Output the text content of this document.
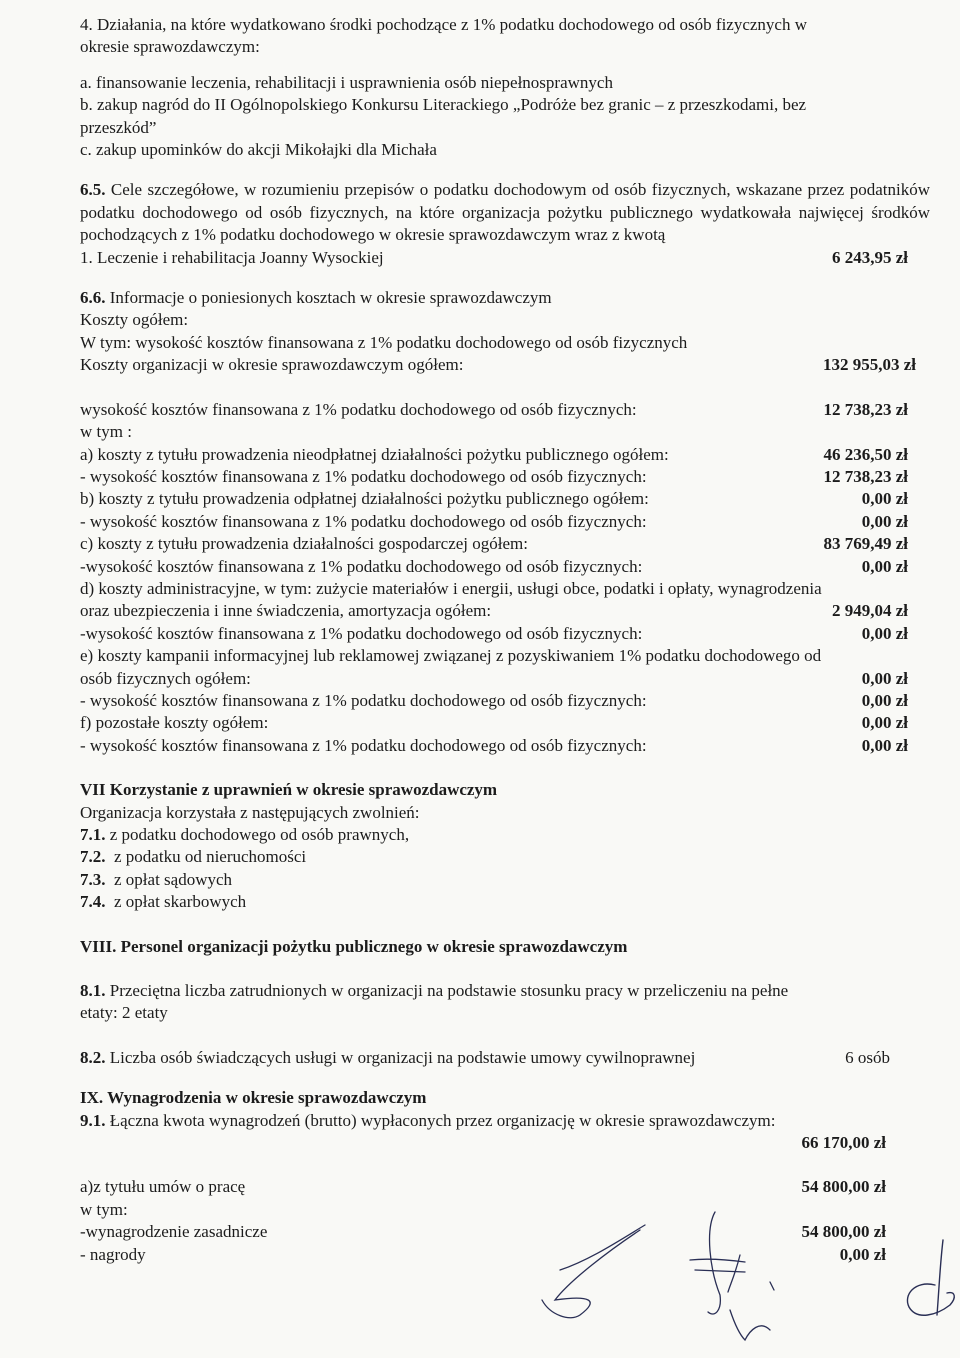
4. Działania, na które wydatkowano środki pochodzące z 1% podatku dochodowego od osób fizycznych w
okresie sprawozdawczym:
a. finansowanie leczenia, rehabilitacji i usprawnienia osób niepełnosprawnych
b. zakup nagród do II Ogólnopolskiego Konkursu Literackiego „Podróże bez granic – z przeszkodami, bez
przeszkód”
c. zakup upominków do akcji Mikołajki dla Michała
6.5. Cele szczegółowe, w rozumieniu przepisów o podatku dochodowym od osób fizycznych, wskazane przez podatników podatku dochodowego od osób fizycznych, na które organizacja pożytku publicznego wydatkowała najwięcej środków pochodzących z 1% podatku dochodowego w okresie sprawozdawczym wraz z kwotą
1. Leczenie i rehabilitacja Joanny Wysockiej	6 243,95 zł
6.6. Informacje o poniesionych kosztach w okresie sprawozdawczym
Koszty ogółem:
W tym: wysokość kosztów finansowana z 1% podatku dochodowego od osób fizycznych
Koszty organizacji w okresie sprawozdawczym ogółem:	132 955,03 zł
wysokość kosztów finansowana z 1% podatku dochodowego od osób fizycznych:	12 738,23 zł
w tym :
a) koszty z tytułu prowadzenia nieodpłatnej działalności pożytku publicznego ogółem:	46 236,50 zł
- wysokość kosztów finansowana z 1% podatku dochodowego od osób fizycznych:	12 738,23 zł
b) koszty z tytułu prowadzenia odpłatnej działalności pożytku publicznego ogółem:	0,00 zł
- wysokość kosztów finansowana z 1% podatku dochodowego od osób fizycznych:	0,00 zł
c) koszty z tytułu prowadzenia działalności gospodarczej ogółem:	83 769,49 zł
-wysokość kosztów finansowana z 1% podatku dochodowego od osób fizycznych:	0,00 zł
d) koszty administracyjne, w tym: zużycie materiałów i energii, usługi obce, podatki i opłaty, wynagrodzenia
oraz ubezpieczenia i inne świadczenia, amortyzacja ogółem:	2 949,04 zł
-wysokość kosztów finansowana z 1% podatku dochodowego od osób fizycznych:	0,00 zł
e) koszty kampanii informacyjnej lub reklamowej związanej z pozyskiwaniem 1% podatku dochodowego od
osób fizycznych ogółem:	0,00 zł
- wysokość kosztów finansowana z 1% podatku dochodowego od osób fizycznych:	0,00 zł
f) pozostałe koszty ogółem:	0,00 zł
- wysokość kosztów finansowana z 1% podatku dochodowego od osób fizycznych:	0,00 zł
VII Korzystanie z uprawnień w okresie sprawozdawczym
Organizacja korzystała z następujących zwolnień:
7.1. z podatku dochodowego od osób prawnych,
7.2.  z podatku od nieruchomości
7.3.  z opłat sądowych
7.4.  z opłat skarbowych
VIII. Personel organizacji pożytku publicznego w okresie sprawozdawczym
8.1. Przeciętna liczba zatrudnionych w organizacji na podstawie stosunku pracy w przeliczeniu na pełne
etaty: 2 etaty
8.2. Liczba osób świadczących usługi w organizacji na podstawie umowy cywilnoprawnej	6 osób
IX. Wynagrodzenia w okresie sprawozdawczym
9.1. Łączna kwota wynagrodzeń (brutto) wypłaconych przez organizację w okresie sprawozdawczym:
66 170,00 zł
a)z tytułu umów o pracę	54 800,00 zł
w tym:
-wynagrodzenie zasadnicze	54 800,00 zł
- nagrody	0,00 zł
